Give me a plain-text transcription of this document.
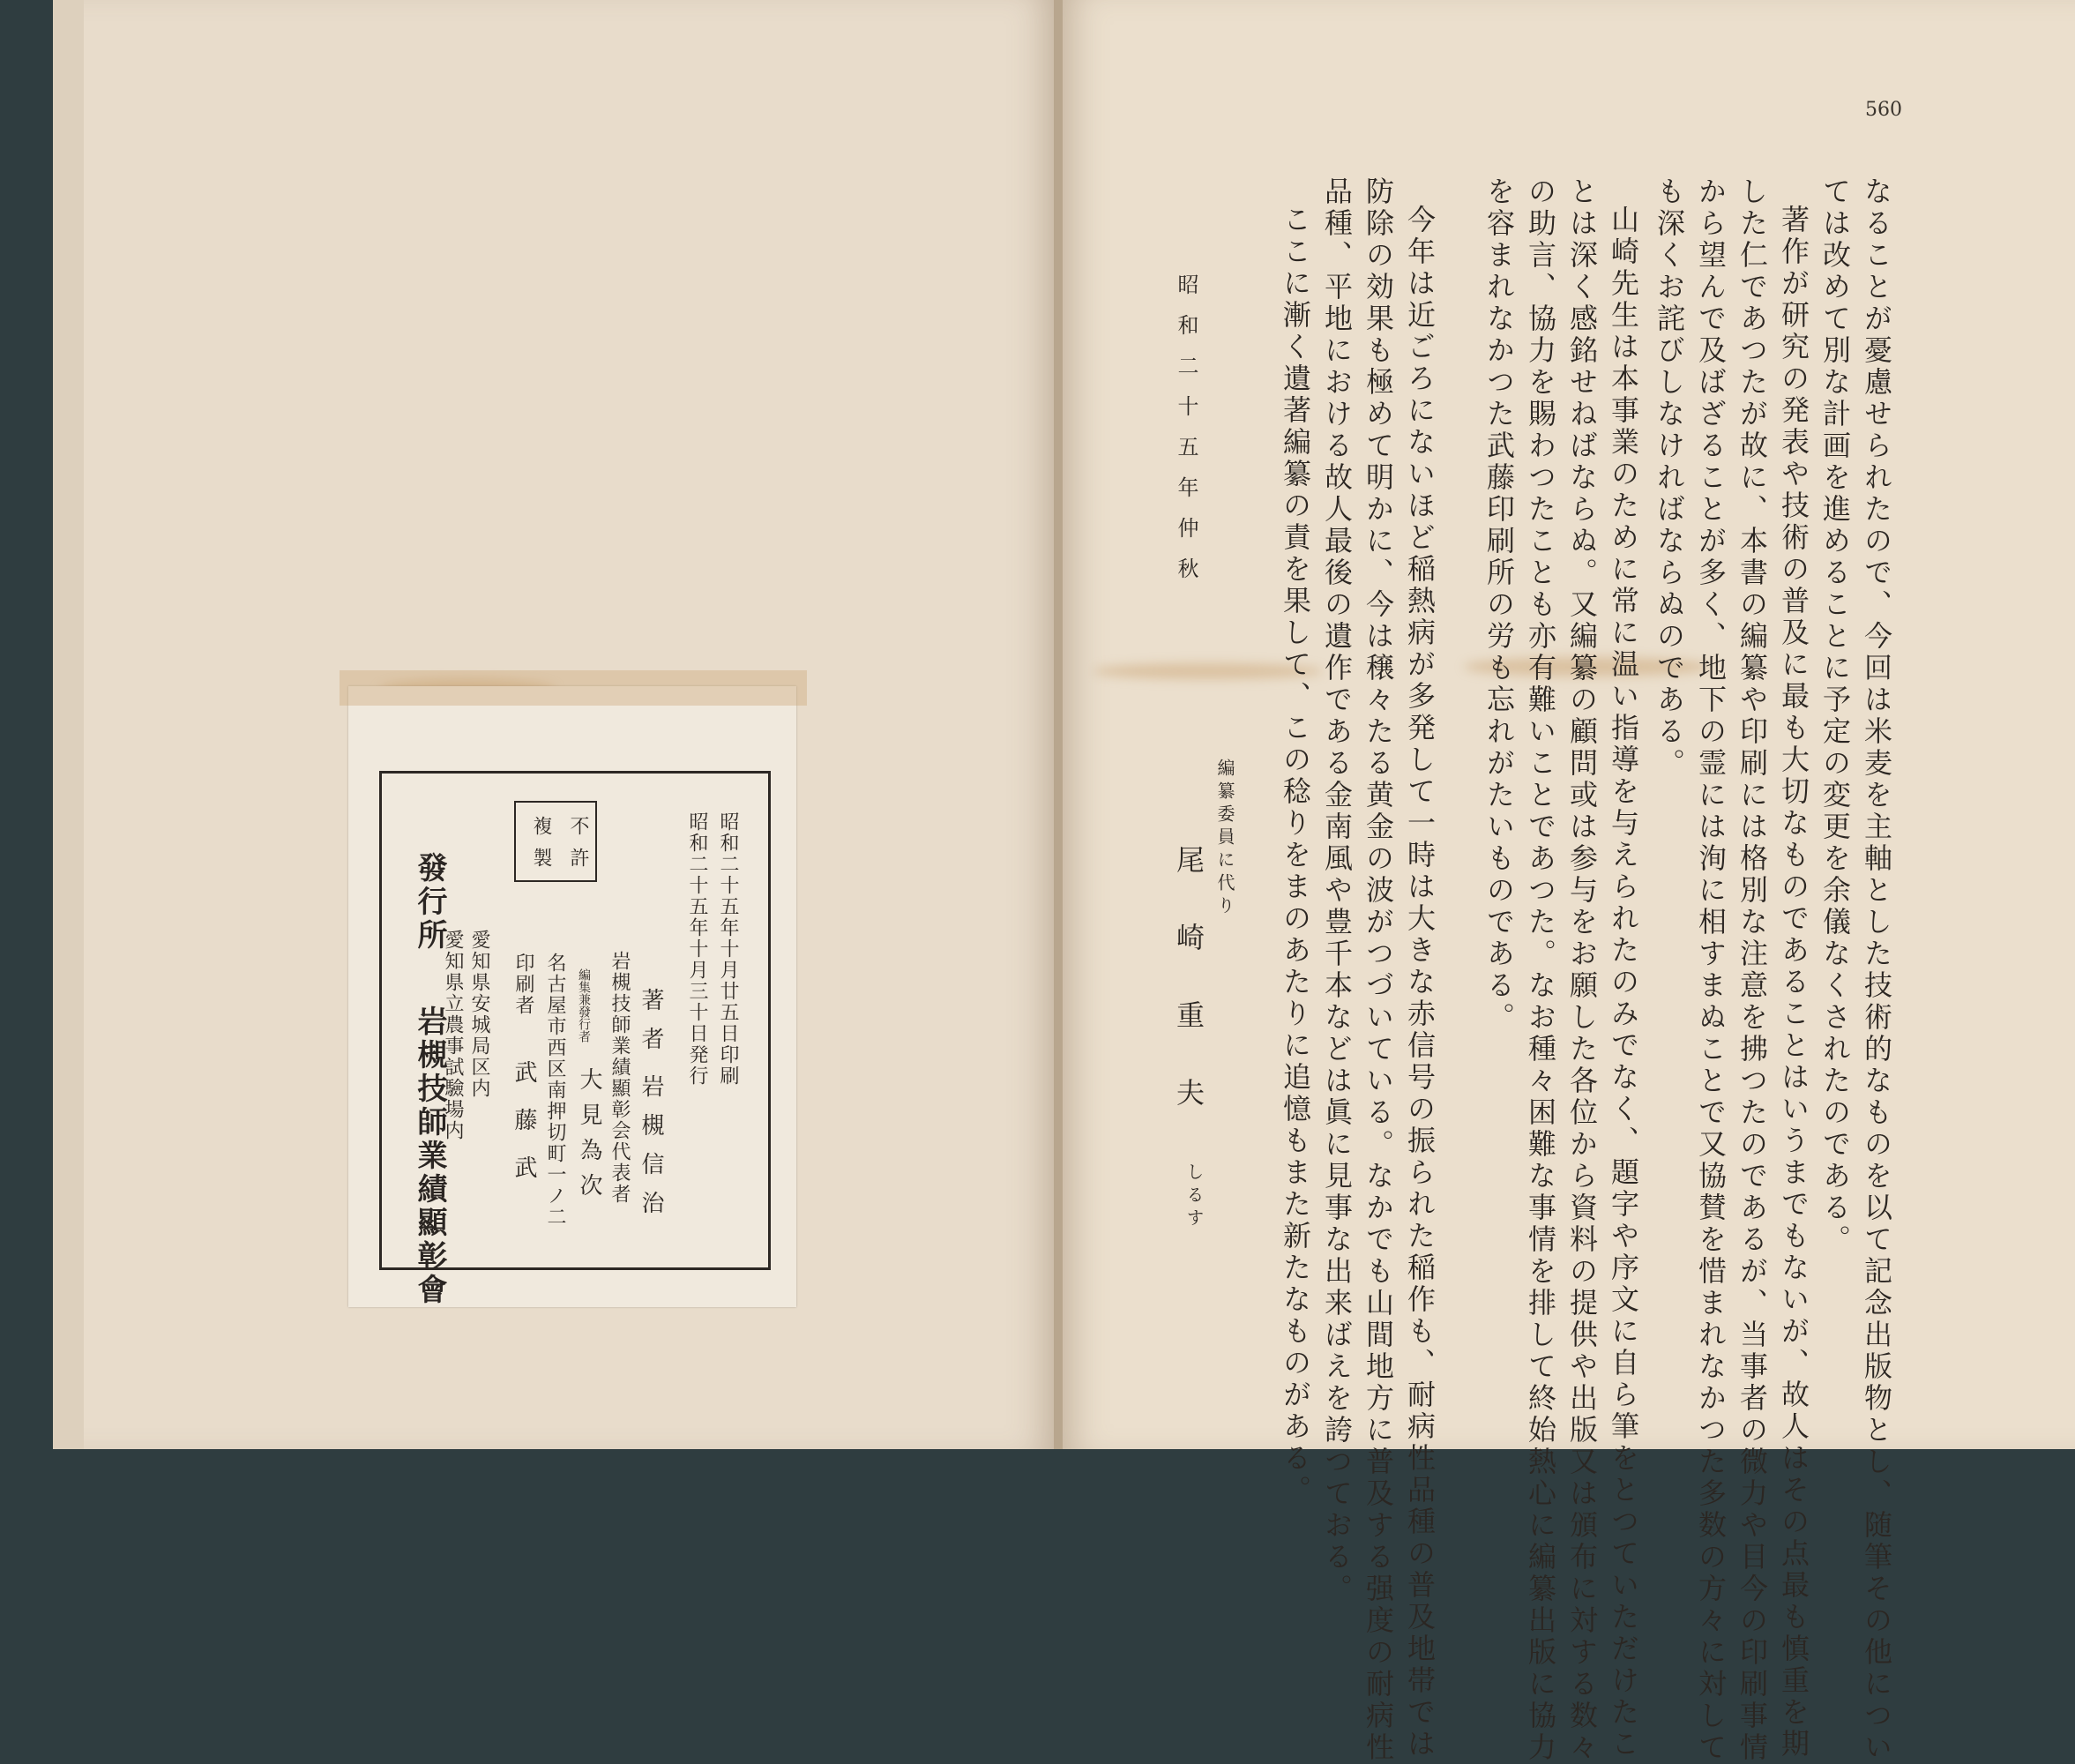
560
なることが憂慮せられたので、今回は米麦を主軸とした技術的なものを以て記念出版物とし、随筆その他につい
ては改めて別な計画を進めることに予定の変更を余儀なくされたのである。
著作が研究の発表や技術の普及に最も大切なものであることはいうまでもないが、故人はその点最も慎重を期
した仁であつたが故に、本書の編纂や印刷には格別な注意を拂つたのであるが、当事者の微力や目今の印刷事情
から望んで及ばざることが多く、地下の霊には洵に相すまぬことで又協賛を惜まれなかつた多数の方々に対して
も深くお詫びしなければならぬのである。
山崎先生は本事業のために常に温い指導を与えられたのみでなく、題字や序文に自ら筆をとつていただけたこ
とは深く感銘せねばならぬ。又編纂の顧問或は参与をお願した各位から資料の提供や出版又は頒布に対する数々
の助言、協力を賜わつたことも亦有難いことであつた。なお種々困難な事情を排して終始熱心に編纂出版に協力
を容まれなかつた武藤印刷所の労も忘れがたいものである。
今年は近ごろにないほど稲熱病が多発して一時は大きな赤信号の振られた稲作も、耐病性品種の普及地帯では
防除の効果も極めて明かに、今は穣々たる黄金の波がつづいている。なかでも山間地方に普及する强度の耐病性
品種、平地における故人最後の遺作である金南風や豊千本などは眞に見事な出来ばえを誇つておる。
ここに漸く遺著編纂の責を果して、この稔りをまのあたりに追憶もまた新たなものがある。
昭和二十五年仲秋
編纂委員に代り
尾崎重夫
しるす
不許
複製	昭和二十五年十月廿五日印刷
昭和二十五年十月三十日発行
著者
岩槻信治
岩槻技師業績顯彰会代表者
編集兼發行者
大見為次
名古屋市西区南押切町一ノ二
印刷者
武藤武
愛知県安城局区内
愛知県立農事試驗場内
發行所
岩槻技師業績顯彰會
